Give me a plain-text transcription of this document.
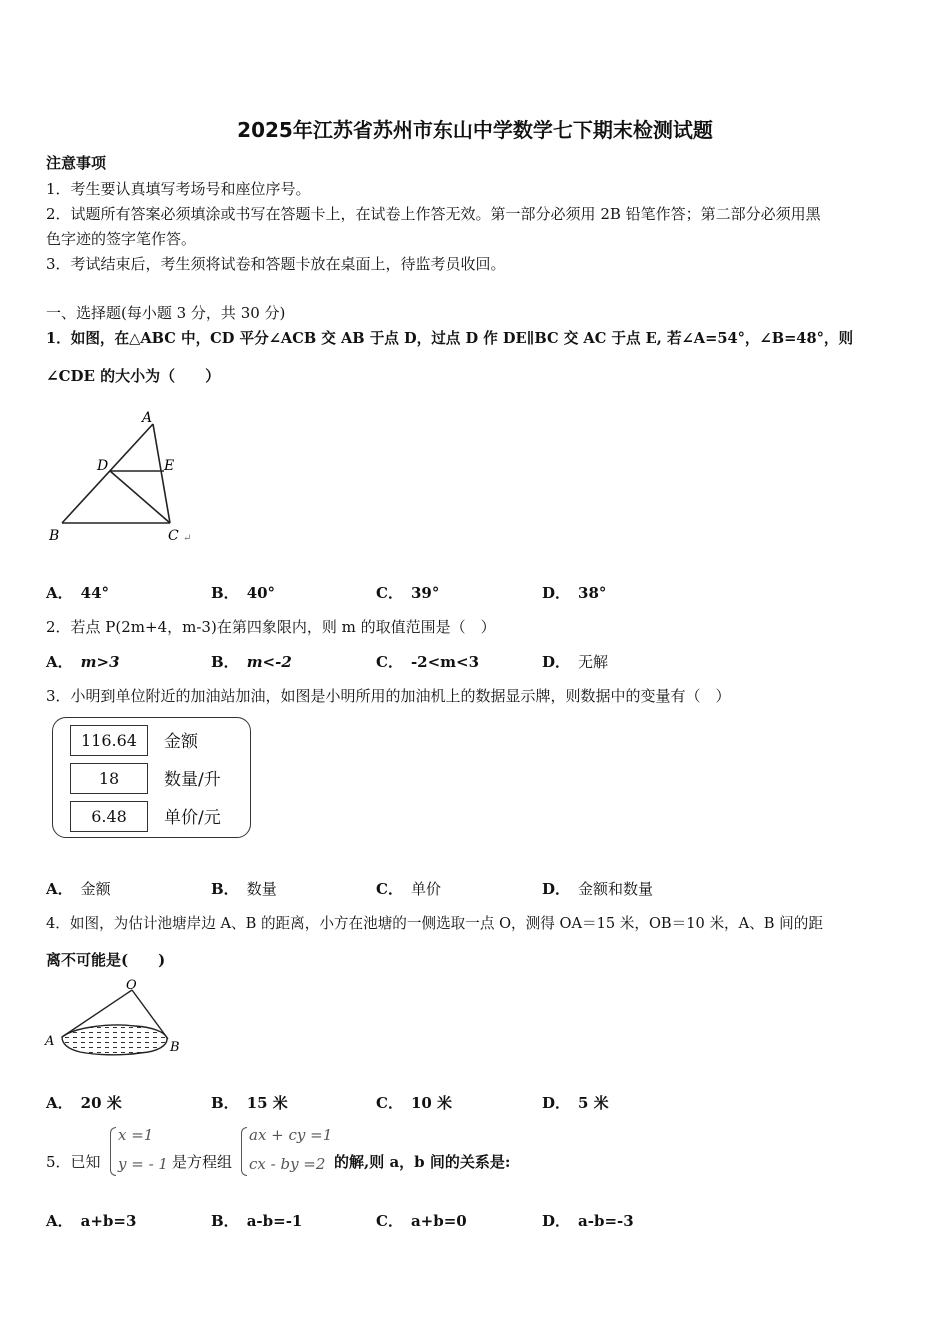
2025年江苏省苏州市东山中学数学七下期末检测试题
注意事项
1．考生要认真填写考场号和座位序号。
2．试题所有答案必须填涂或书写在答题卡上，在试卷上作答无效。第一部分必须用 2B 铅笔作答；第二部分必须用黑
色字迹的签字笔作答。
3．考试结束后，考生须将试卷和答题卡放在桌面上，待监考员收回。
一、选择题(每小题 3 分，共 30 分)
1．如图，在△ABC 中，CD 平分∠ACB 交 AB 于点 D，过点 D 作 DE∥BC 交 AC 于点 E, 若∠A=54°，∠B=48°，则
∠CDE 的大小为（　　）
A
D	E
B	C ↵
A． 44°	B． 40°	C． 39°	D． 38°
2．若点 P(2m+4，m-3)在第四象限内，则 m 的取值范围是（　）
A． m>3	B． m<-2	C． -2<m<3	D． 无解
3．小明到单位附近的加油站加油，如图是小明所用的加油机上的数据显示牌，则数据中的变量有（　）
116.64	金额
18	数量/升
6.48	单价/元
A． 金额	B． 数量	C． 单价	D． 金额和数量
4．如图，为估计池塘岸边 A、B 的距离，小方在池塘的一侧选取一点 O，测得 OA＝15 米，OB＝10 米，A、B 间的距
离不可能是(　　)
O
A	B
A． 20 米	B． 15 米	C． 10 米	D． 5 米
5．已知
x =1
y = - 1 是方程组
ax + cy =1
cx - by =2 的解,则 a，b 间的关系是:
A． a+b=3	B． a-b=-1	C． a+b=0	D． a-b=-3
